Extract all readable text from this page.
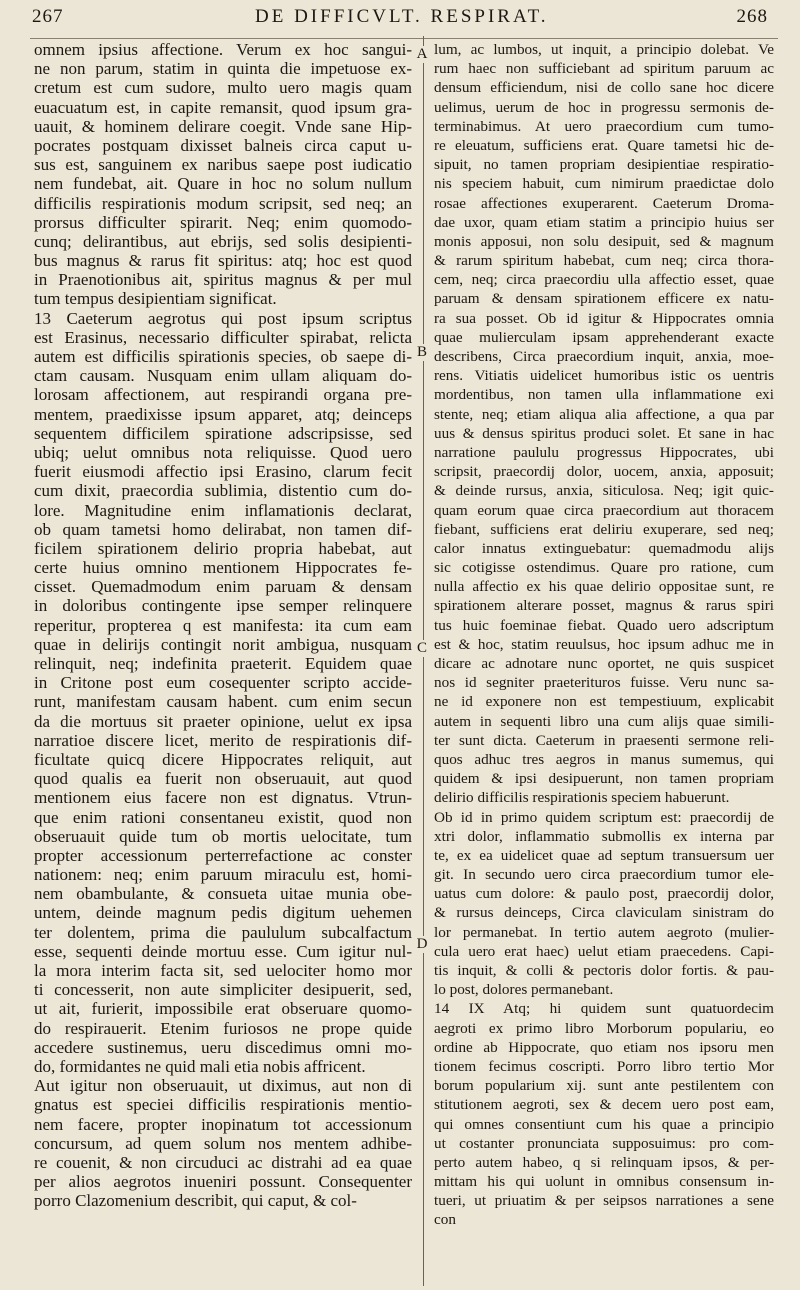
267	DE DIFFICVLT. RESPIRAT.	268
A
B
C
D
omnem ipsius affectione. Verum ex hoc sangui-
ne non parum, statim in quinta die impetuose ex-
cretum est cum sudore, multo uero magis quam
euacuatum est, in capite remansit, quod ipsum gra-
uauit, & hominem delirare coegit. Vnde sane Hip-
pocrates postquam dixisset balneis circa caput u-
sus est, sanguinem ex naribus saepe post iudicatio
nem fundebat, ait. Quare in hoc no solum nullum
difficilis respirationis modum scripsit, sed neq; an
prorsus difficulter spirarit. Neq; enim quomodo-
cunq; delirantibus, aut ebrijs, sed solis desipienti-
bus magnus & rarus fit spiritus: atq; hoc est quod
in Praenotionibus ait, spiritus magnus & per mul
tum tempus desipientiam significat.
13 Caeterum aegrotus qui post ipsum scriptus
est Erasinus, necessario difficulter spirabat, relicta
autem est difficilis spirationis species, ob saepe di-
ctam causam. Nusquam enim ullam aliquam do-
lorosam affectionem, aut respirandi organa pre-
mentem, praedixisse ipsum apparet, atq; deinceps
sequentem difficilem spiratione adscripsisse, sed
ubiq; uelut omnibus nota reliquisse. Quod uero
fuerit eiusmodi affectio ipsi Erasino, clarum fecit
cum dixit, praecordia sublimia, distentio cum do-
lore. Magnitudine enim inflamationis declarat,
ob quam tametsi homo delirabat, non tamen dif-
ficilem spirationem delirio propria habebat, aut
certe huius omnino mentionem Hippocrates fe-
cisset. Quemadmodum enim paruam & densam
in doloribus contingente ipse semper relinquere
reperitur, propterea q est manifesta: ita cum eam
quae in delirijs contingit norit ambigua, nusquam
relinquit, neq; indefinita praeterit. Equidem quae
in Critone post eum cosequenter scripto accide-
runt, manifestam causam habent. cum enim secun
da die mortuus sit praeter opinione, uelut ex ipsa
narratioe discere licet, merito de respirationis dif-
ficultate quicq dicere Hippocrates reliquit, aut
quod qualis ea fuerit non obseruauit, aut quod
mentionem eius facere non est dignatus. Vtrun-
que enim rationi consentaneu existit, quod non
obseruauit quide tum ob mortis uelocitate, tum
propter accessionum perterrefactione ac conster
nationem: neq; enim paruum miraculu est, homi-
nem obambulante, & consueta uitae munia obe-
untem, deinde magnum pedis digitum uehemen
ter dolentem, prima die paululum subcalfactum
esse, sequenti deinde mortuu esse. Cum igitur nul-
la mora interim facta sit, sed uelociter homo mor
ti concesserit, non aute simpliciter desipuerit, sed,
ut ait, furierit, impossibile erat obseruare quomo-
do respirauerit. Etenim furiosos ne prope quide
accedere sustinemus, ueru discedimus omni mo-
do, formidantes ne quid mali etia nobis affricent.
Aut igitur non obseruauit, ut diximus, aut non di
gnatus est speciei difficilis respirationis mentio-
nem facere, propter inopinatum tot accessionum
concursum, ad quem solum nos mentem adhibe-
re couenit, & non circuduci ac distrahi ad ea quae
per alios aegrotos inueniri possunt. Consequenter
porro Clazomenium describit, qui caput, & col-
lum, ac lumbos, ut inquit, a principio dolebat. Ve
rum haec non sufficiebant ad spiritum paruum ac
densum efficiendum, nisi de collo sane hoc dicere
uelimus, uerum de hoc in progressu sermonis de-
terminabimus. At uero praecordium cum tumo-
re eleuatum, sufficiens erat. Quare tametsi hic de-
sipuit, no tamen propriam desipientiae respiratio-
nis speciem habuit, cum nimirum praedictae dolo
rosae affectiones exuperarent. Caeterum Droma-
dae uxor, quam etiam statim a principio huius ser
monis apposui, non solu desipuit, sed & magnum
& rarum spiritum habebat, cum neq; circa thora-
cem, neq; circa praecordiu ulla affectio esset, quae
paruam & densam spirationem efficere ex natu-
ra sua posset. Ob id igitur & Hippocrates omnia
quae mulierculam ipsam apprehenderant exacte
describens, Circa praecordium inquit, anxia, moe-
rens. Vitiatis uidelicet humoribus istic os uentris
mordentibus, non tamen ulla inflammatione exi
stente, neq; etiam aliqua alia affectione, a qua par
uus & densus spiritus produci solet. Et sane in hac
narratione paululu progressus Hippocrates, ubi
scripsit, praecordij dolor, uocem, anxia, apposuit;
& deinde rursus, anxia, siticulosa. Neq; igit quic-
quam eorum quae circa praecordium aut thoracem
fiebant, sufficiens erat deliriu exuperare, sed neq;
calor innatus extinguebatur: quemadmodu alijs
sic cotigisse ostendimus. Quare pro ratione, cum
nulla affectio ex his quae delirio oppositae sunt, re
spirationem alterare posset, magnus & rarus spiri
tus huic foeminae fiebat. Quado uero adscriptum
est & hoc, statim reuulsus, hoc ipsum adhuc me in
dicare ac adnotare nunc oportet, ne quis suspicet
nos id segniter praeterituros fuisse. Veru nunc sa-
ne id exponere non est tempestiuum, explicabit
autem in sequenti libro una cum alijs quae simili-
ter sunt dicta. Caeterum in praesenti sermone reli-
quos adhuc tres aegros in manus sumemus, qui
quidem & ipsi desipuerunt, non tamen propriam
delirio difficilis respirationis speciem habuerunt.
Ob id in primo quidem scriptum est: praecordij de
xtri dolor, inflammatio submollis ex interna par
te, ex ea uidelicet quae ad septum transuersum uer
git. In secundo uero circa praecordium tumor ele-
uatus cum dolore: & paulo post, praecordij dolor,
& rursus deinceps, Circa claviculam sinistram do
lor permanebat. In tertio autem aegroto (mulier-
cula uero erat haec) uelut etiam praecedens. Capi-
tis inquit, & colli & pectoris dolor fortis. & pau-
lo post, dolores permanebant.
14 IX Atq; hi quidem sunt quatuordecim
aegroti ex primo libro Morborum populariu, eo
ordine ab Hippocrate, quo etiam nos ipsoru men
tionem fecimus coscripti. Porro libro tertio Mor
borum popularium xij. sunt ante pestilentem con
stitutionem aegroti, sex & decem uero post eam,
qui omnes consentiunt cum his quae a principio
ut costanter pronunciata supposuimus: pro com-
perto autem habeo, q si relinquam ipsos, & per-
mittam his qui uolunt in omnibus consensum in-
tueri, ut priuatim & per seipsos narrationes a sene
con
